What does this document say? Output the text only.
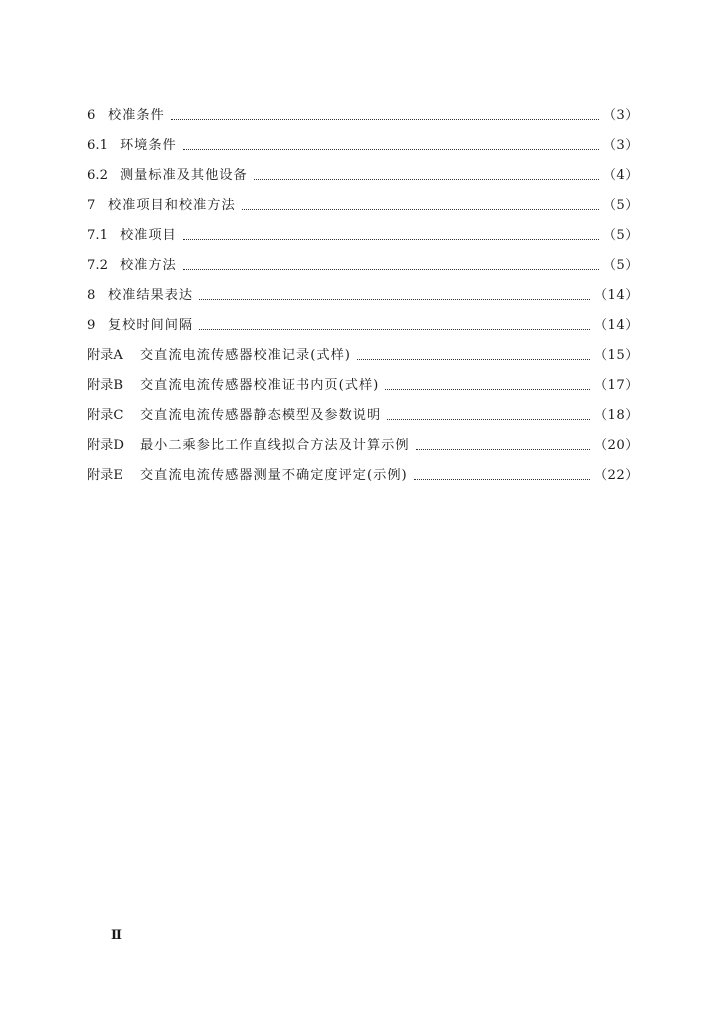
6 校准条件	（3）
6.1 环境条件	（3）
6.2 测量标准及其他设备	（4）
7 校准项目和校准方法	（5）
7.1 校准项目	（5）
7.2 校准方法	（5）
8 校准结果表达	（14）
9 复校时间间隔	（14）
附录A	交直流电流传感器校准记录(式样)	（15）
附录B	交直流电流传感器校准证书内页(式样)	（17）
附录C	交直流电流传感器静态模型及参数说明	（18）
附录D	最小二乘参比工作直线拟合方法及计算示例	（20）
附录E	交直流电流传感器测量不确定度评定(示例)	（22）
Ⅱ
